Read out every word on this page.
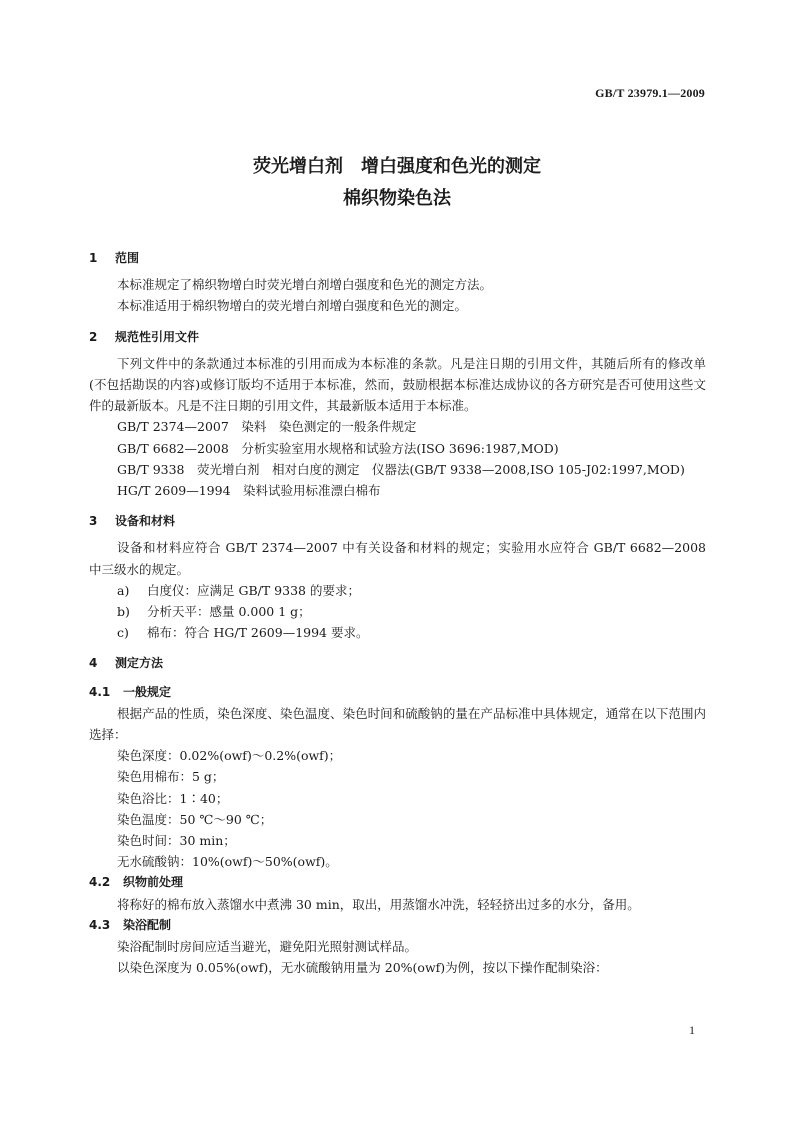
GB/T 23979.1—2009
荧光增白剂　增白强度和色光的测定
棉织物染色法
1 范围

本标准规定了棉织物增白时荧光增白剂增白强度和色光的测定方法。

本标准适用于棉织物增白的荧光增白剂增白强度和色光的测定。

2 规范性引用文件

下列文件中的条款通过本标准的引用而成为本标准的条款。凡是注日期的引用文件，其随后所有的修改单(不包括勘误的内容)或修订版均不适用于本标准，然而，鼓励根据本标准达成协议的各方研究是否可使用这些文件的最新版本。凡是不注日期的引用文件，其最新版本适用于本标准。

GB/T 2374—2007　染料　染色测定的一般条件规定

GB/T 6682—2008　分析实验室用水规格和试验方法(ISO 3696:1987,MOD)

GB/T 9338　荧光增白剂　相对白度的测定　仪器法(GB/T 9338—2008,ISO 105-J02:1997,MOD)

HG/T 2609—1994　染料试验用标准漂白棉布

3 设备和材料

设备和材料应符合 GB/T 2374—2007 中有关设备和材料的规定；实验用水应符合 GB/T 6682—2008 中三级水的规定。

a) 白度仪：应满足 GB/T 9338 的要求；

b) 分析天平：感量 0.000 1 g；

c) 棉布：符合 HG/T 2609—1994 要求。

4 测定方法
4.1 一般规定

根据产品的性质，染色深度、染色温度、染色时间和硫酸钠的量在产品标准中具体规定，通常在以下范围内选择：

染色深度：0.02%(owf)～0.2%(owf)；

染色用棉布：5 g；

染色浴比：1∶40；

染色温度：50 ℃～90 ℃；

染色时间：30 min；

无水硫酸钠：10%(owf)～50%(owf)。

4.2 织物前处理

将称好的棉布放入蒸馏水中煮沸 30 min，取出，用蒸馏水冲洗，轻轻挤出过多的水分，备用。

4.3 染浴配制

染浴配制时房间应适当避光，避免阳光照射测试样品。

以染色深度为 0.05%(owf)，无水硫酸钠用量为 20%(owf)为例，按以下操作配制染浴：

1
